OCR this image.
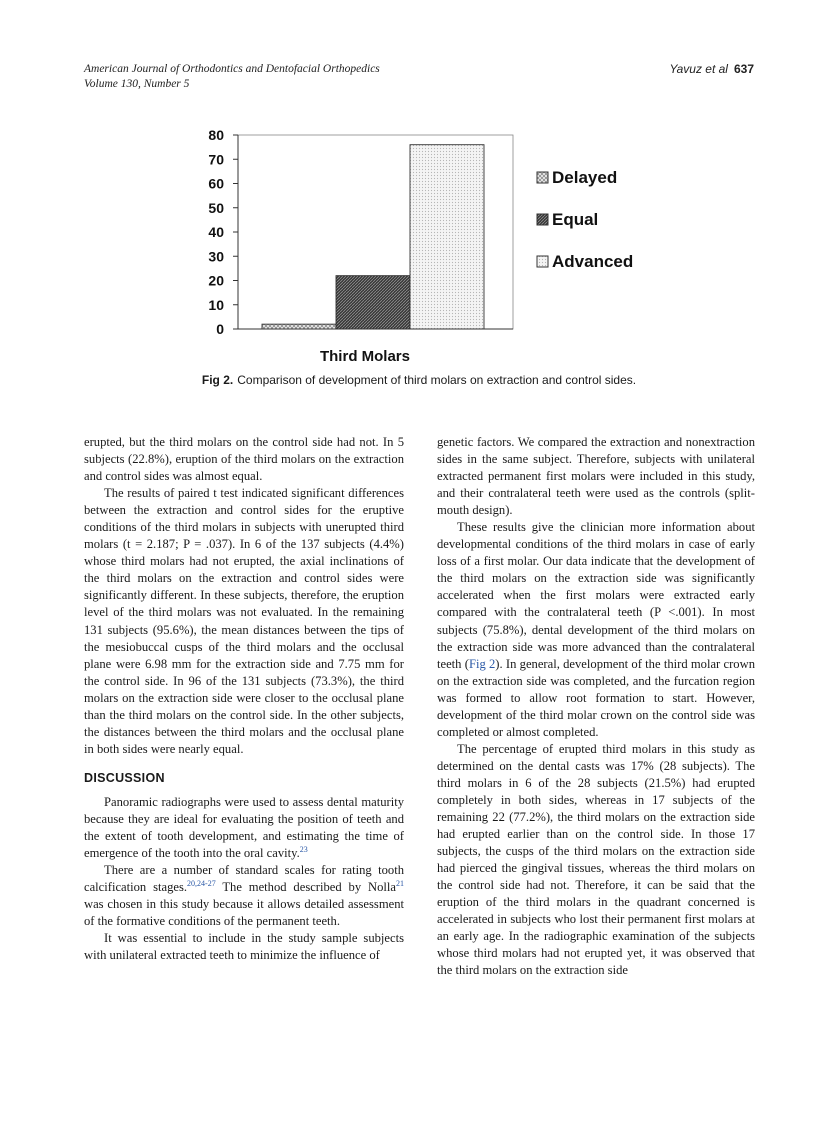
American Journal of Orthodontics and Dentofacial Orthopedics
Volume 130, Number 5
Yavuz et al 637
0
10
20
30
40
50
60
70
80
Third Molars
Delayed
Equal
Advanced
Fig 2. Comparison of development of third molars on extraction and control sides.

erupted, but the third molars on the control side had not. In 5 subjects (22.8%), eruption of the third molars on the extraction and control sides was almost equal.

The results of paired t test indicated significant differences between the extraction and control sides for the eruptive conditions of the third molars in subjects with unerupted third molars (t = 2.187; P = .037). In 6 of the 137 subjects (4.4%) whose third molars had not erupted, the axial inclinations of the third molars on the extraction and control sides were significantly different. In these subjects, therefore, the eruption level of the third molars was not evaluated. In the remaining 131 subjects (95.6%), the mean distances between the tips of the mesiobuccal cusps of the third molars and the occlusal plane were 6.98 mm for the extraction side and 7.75 mm for the control side. In 96 of the 131 subjects (73.3%), the third molars on the extraction side were closer to the occlusal plane than the third molars on the control side. In the other subjects, the distances between the third molars and the occlusal plane in both sides were nearly equal.

DISCUSSION

Panoramic radiographs were used to assess dental maturity because they are ideal for evaluating the position of teeth and the extent of tooth development, and estimating the time of emergence of the tooth into the oral cavity.$^{23}$

There are a number of standard scales for rating tooth calcification stages.$^{20,24-27}$ The method described by Nolla$^{21}$ was chosen in this study because it allows detailed assessment of the formative conditions of the permanent teeth.

It was essential to include in the study sample subjects with unilateral extracted teeth to minimize the influence of

genetic factors. We compared the extraction and nonextraction sides in the same subject. Therefore, subjects with unilateral extracted permanent first molars were included in this study, and their contralateral teeth were used as the controls (split-mouth design).

These results give the clinician more information about developmental conditions of the third molars in case of early loss of a first molar. Our data indicate that the development of the third molars on the extraction side was significantly accelerated when the first molars were extracted early compared with the contralateral teeth (P <.001). In most subjects (75.8%), dental development of the third molars on the extraction side was more advanced than the contralateral teeth (Fig 2). In general, development of the third molar crown on the extraction side was completed, and the furcation region was formed to allow root formation to start. However, development of the third molar crown on the control side was completed or almost completed.

The percentage of erupted third molars in this study as determined on the dental casts was 17% (28 subjects). The third molars in 6 of the 28 subjects (21.5%) had erupted completely in both sides, whereas in 17 subjects of the remaining 22 (77.2%), the third molars on the extraction side had erupted earlier than on the control side. In those 17 subjects, the cusps of the third molars on the extraction side had pierced the gingival tissues, whereas the third molars on the control side had not. Therefore, it can be said that the eruption of the third molars in the quadrant concerned is accelerated in subjects who lost their permanent first molars at an early age. In the radiographic examination of the subjects whose third molars had not erupted yet, it was observed that the third molars on the extraction side
